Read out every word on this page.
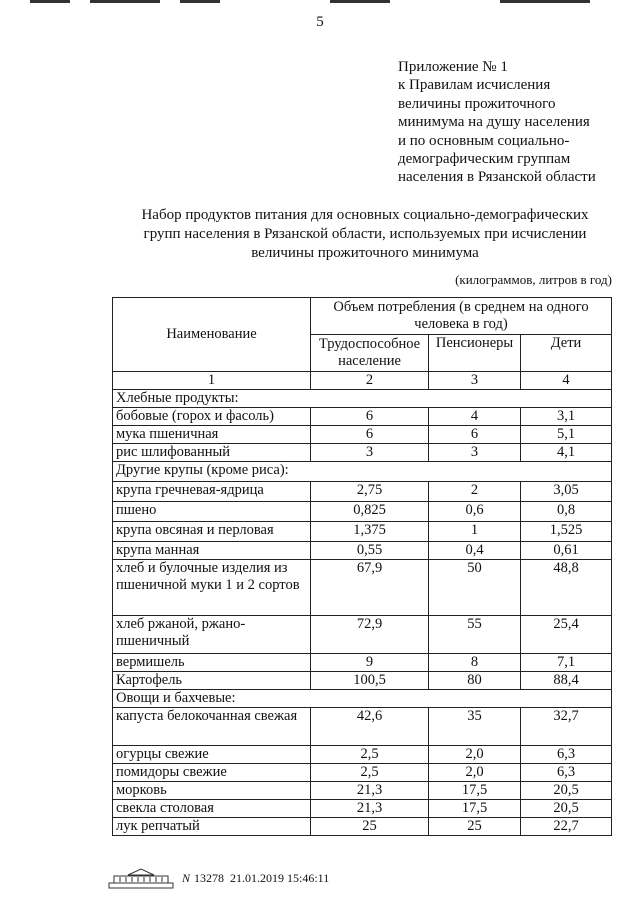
5
Приложение № 1
к Правилам исчисления
величины прожиточного
минимума на душу населения
и по основным социально-
демографическим группам
населения в Рязанской области
Набор продуктов питания для основных социально-демографических
групп населения в Рязанской области, используемых при исчислении
величины прожиточного минимума
(килограммов, литров в год)
Наименование	Объем потребления (в среднем на одного человека в год)		
	Трудоспособное население	Пенсионеры	Дети
1	2	3	4
Хлебные продукты:			
бобовые (горох и фасоль)	6	4	3,1
мука пшеничная	6	6	5,1
рис шлифованный	3	3	4,1
Другие крупы (кроме риса):			
крупа гречневая-ядрица	2,75	2	3,05
пшено	0,825	0,6	0,8
крупа овсяная и перловая	1,375	1	1,525
крупа манная	0,55	0,4	0,61
хлеб и булочные изделия из пшеничной муки 1 и 2 сортов	67,9	50	48,8
хлеб ржаной, ржано-пшеничный	72,9	55	25,4
вермишель	9	8	7,1
Картофель	100,5	80	88,4
Овощи и бахчевые:			
капуста белокочанная свежая	42,6	35	32,7
огурцы свежие	2,5	2,0	6,3
помидоры свежие	2,5	2,0	6,3
морковь	21,3	17,5	20,5
свекла столовая	21,3	17,5	20,5
лук репчатый	25	25	22,7
N 13278 21.01.2019 15:46:11
